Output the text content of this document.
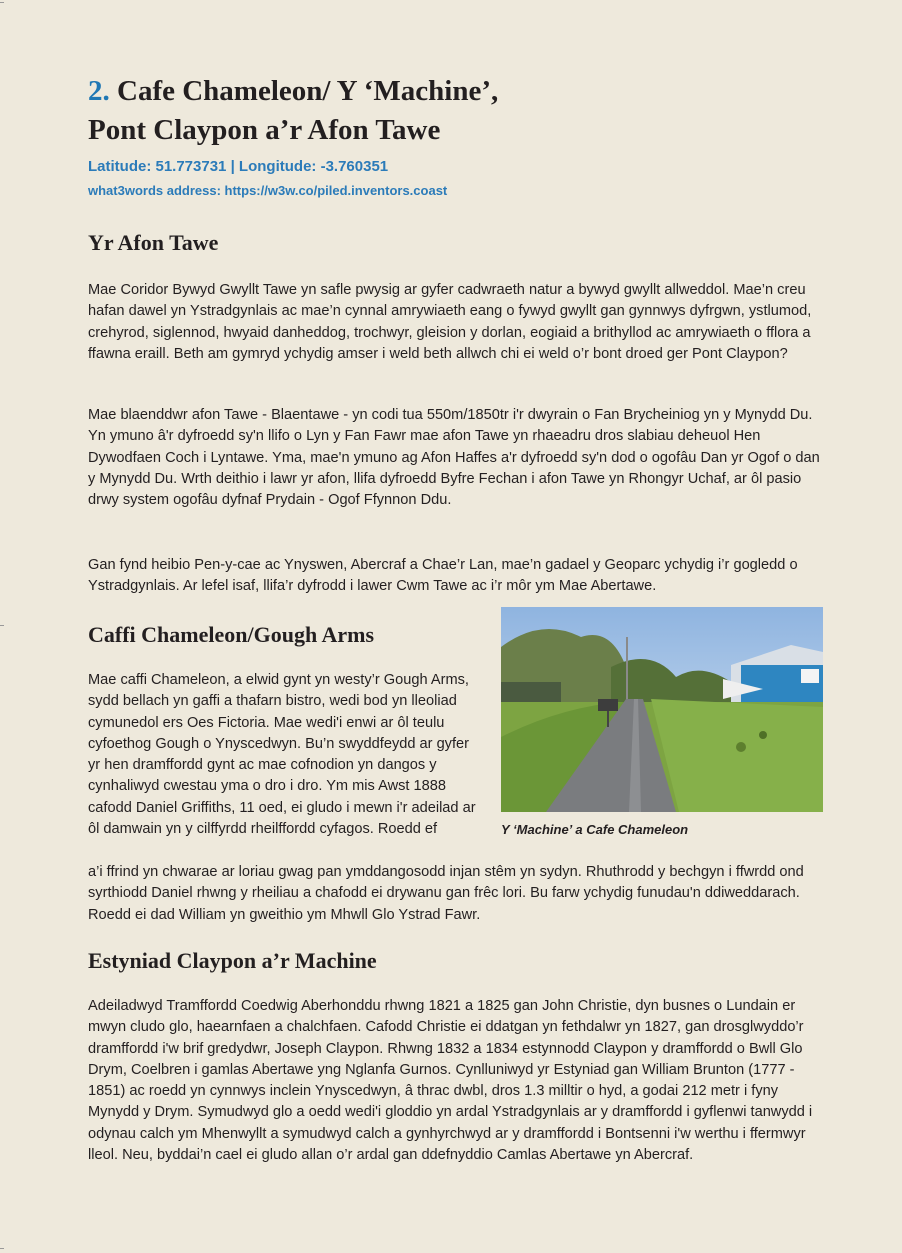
2. Cafe Chameleon/ Y ‘Machine’,
Pont Claypon a’r Afon Tawe
Latitude: 51.773731 | Longitude: -3.760351
what3words address: https://w3w.co/piled.inventors.coast
Yr Afon Tawe

Mae Coridor Bywyd Gwyllt Tawe yn safle pwysig ar gyfer cadwraeth natur a bywyd gwyllt allweddol. Mae’n creu hafan dawel yn Ystradgynlais ac mae’n cynnal amrywiaeth eang o fywyd gwyllt gan gynnwys dyfrgwn, ystlumod, crehyrod, siglennod, hwyaid danheddog, trochwyr, gleision y dorlan, eogiaid a brithyllod ac amrywiaeth o fflora a ffawna eraill. Beth am gymryd ychydig amser i weld beth allwch chi ei weld o’r bont droed ger Pont Claypon?

Mae blaenddwr afon Tawe - Blaentawe - yn codi tua 550m/1850tr i'r dwyrain o Fan Brycheiniog yn y Mynydd Du. Yn ymuno â'r dyfroedd sy'n llifo o Lyn y Fan Fawr mae afon Tawe yn rhaeadru dros slabiau deheuol Hen Dywodfaen Coch i Lyntawe. Yma, mae'n ymuno ag Afon Haffes a'r dyfroedd sy'n dod o ogofâu Dan yr Ogof o dan y Mynydd Du. Wrth deithio i lawr yr afon, llifa dyfroedd Byfre Fechan i afon Tawe yn Rhongyr Uchaf, ar ôl pasio drwy system ogofâu dyfnaf Prydain - Ogof Ffynnon Ddu.

Gan fynd heibio Pen-y-cae ac Ynyswen, Abercraf a Chae’r Lan, mae’n gadael y Geoparc ychydig i’r gogledd o Ystradgynlais. Ar lefel isaf, llifa’r dyfrodd i lawer Cwm Tawe ac i’r môr ym Mae Abertawe.

Caffi Chameleon/Gough Arms

Mae caffi Chameleon, a elwid gynt yn westy’r Gough Arms, sydd bellach yn gaffi a thafarn bistro, wedi bod yn lleoliad cymunedol ers Oes Fictoria. Mae wedi'i enwi ar ôl teulu cyfoethog Gough o Ynyscedwyn. Bu’n swyddfeydd ar gyfer yr hen dramffordd gynt ac mae cofnodion yn dangos y cynhaliwyd cwestau yma o dro i dro. Ym mis Awst 1888 cafodd Daniel Griffiths, 11 oed, ei gludo i mewn i'r adeilad ar ôl damwain yn y cilffyrdd rheilffordd cyfagos. Roedd ef

a’i ffrind yn chwarae ar loriau gwag pan ymddangosodd injan stêm yn sydyn. Rhuthrodd y bechgyn i ffwrdd ond syrthiodd Daniel rhwng y rheiliau a chafodd ei drywanu gan frêc lori. Bu farw ychydig funudau'n ddiweddarach. Roedd ei dad William yn gweithio ym Mhwll Glo Ystrad Fawr.

Y ‘Machine’ a Cafe Chameleon
Estyniad Claypon a’r Machine

Adeiladwyd Tramffordd Coedwig Aberhonddu rhwng 1821 a 1825 gan John Christie, dyn busnes o Lundain er mwyn cludo glo, haearnfaen a chalchfaen. Cafodd Christie ei ddatgan yn fethdalwr yn 1827, gan drosglwyddo’r dramffordd i'w brif gredydwr, Joseph Claypon. Rhwng 1832 a 1834 estynnodd Claypon y dramffordd o Bwll Glo Drym, Coelbren i gamlas Abertawe yng Nglanfa Gurnos. Cynlluniwyd yr Estyniad gan William Brunton (1777 - 1851) ac roedd yn cynnwys inclein Ynyscedwyn, â thrac dwbl, dros 1.3 milltir o hyd, a godai 212 metr i fyny Mynydd y Drym. Symudwyd glo a oedd wedi'i gloddio yn ardal Ystradgynlais ar y dramffordd i gyflenwi tanwydd i odynau calch ym Mhenwyllt a symudwyd calch a gynhyrchwyd ar y dramffordd i Bontsenni i'w werthu i ffermwyr lleol. Neu, byddai’n cael ei gludo allan o’r ardal gan ddefnyddio Camlas Abertawe yn Abercraf.
